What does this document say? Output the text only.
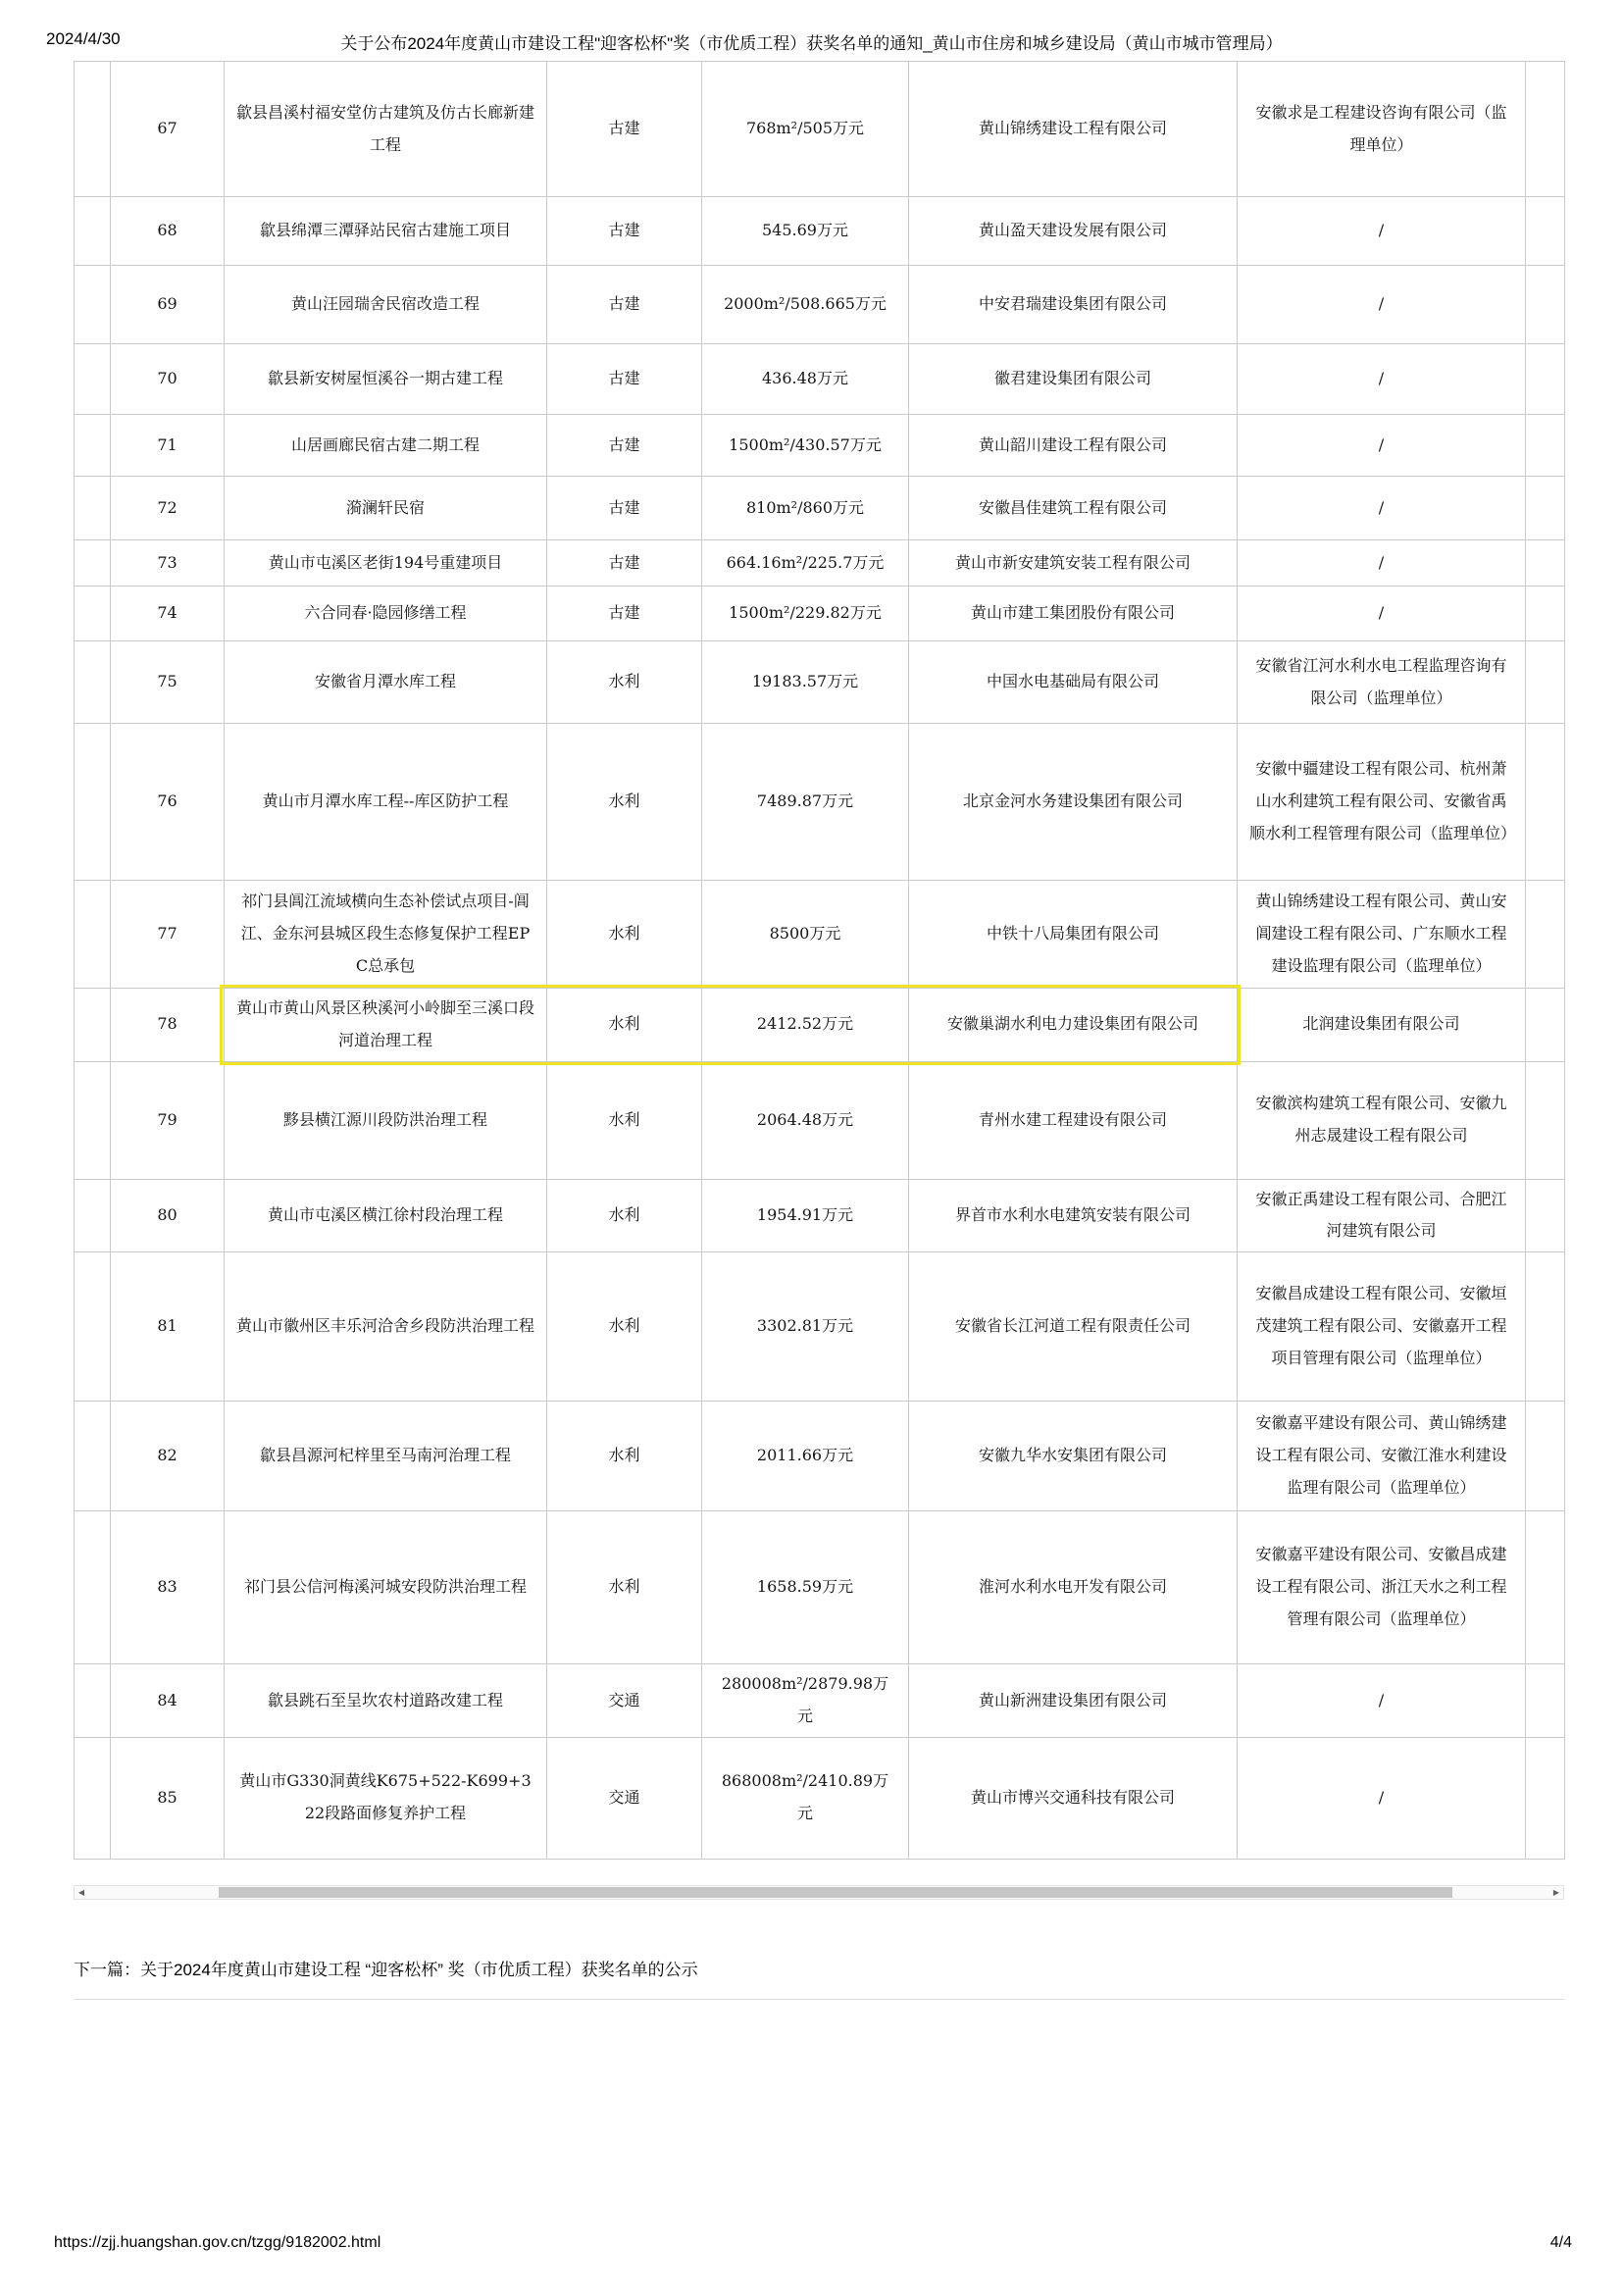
2024/4/30	关于公布2024年度黄山市建设工程"迎客松杯"奖（市优质工程）获奖名单的通知_黄山市住房和城乡建设局（黄山市城市管理局）
	67	歙县昌溪村福安堂仿古建筑及仿古长廊新建工程	古建	768m²/505万元	黄山锦绣建设工程有限公司	安徽求是工程建设咨询有限公司（监理单位）	
	68	歙县绵潭三潭驿站民宿古建施工项目	古建	545.69万元	黄山盈天建设发展有限公司	/	
	69	黄山汪园瑞舍民宿改造工程	古建	2000m²/508.665万元	中安君瑞建设集团有限公司	/	
	70	歙县新安树屋恒溪谷一期古建工程	古建	436.48万元	徽君建设集团有限公司	/	
	71	山居画廊民宿古建二期工程	古建	1500m²/430.57万元	黄山韶川建设工程有限公司	/	
	72	漪澜轩民宿	古建	810m²/860万元	安徽昌佳建筑工程有限公司	/	
	73	黄山市屯溪区老街194号重建项目	古建	664.16m²/225.7万元	黄山市新安建筑安装工程有限公司	/	
	74	六合同春·隐园修缮工程	古建	1500m²/229.82万元	黄山市建工集团股份有限公司	/	
	75	安徽省月潭水库工程	水利	19183.57万元	中国水电基础局有限公司	安徽省江河水利水电工程监理咨询有限公司（监理单位）	
	76	黄山市月潭水库工程--库区防护工程	水利	7489.87万元	北京金河水务建设集团有限公司	安徽中疆建设工程有限公司、杭州萧山水利建筑工程有限公司、安徽省禹顺水利工程管理有限公司（监理单位）	
	77	祁门县阊江流域横向生态补偿试点项目-阊江、金东河县城区段生态修复保护工程EPC总承包	水利	8500万元	中铁十八局集团有限公司	黄山锦绣建设工程有限公司、黄山安阊建设工程有限公司、广东顺水工程建设监理有限公司（监理单位）	
	78	黄山市黄山风景区秧溪河小岭脚至三溪口段河道治理工程	水利	2412.52万元	安徽巢湖水利电力建设集团有限公司	北润建设集团有限公司	
	79	黟县横江源川段防洪治理工程	水利	2064.48万元	青州水建工程建设有限公司	安徽滨构建筑工程有限公司、安徽九州志晟建设工程有限公司	
	80	黄山市屯溪区横江徐村段治理工程	水利	1954.91万元	界首市水利水电建筑安装有限公司	安徽正禹建设工程有限公司、合肥江河建筑有限公司	
	81	黄山市徽州区丰乐河洽舍乡段防洪治理工程	水利	3302.81万元	安徽省长江河道工程有限责任公司	安徽昌成建设工程有限公司、安徽垣茂建筑工程有限公司、安徽嘉开工程项目管理有限公司（监理单位）	
	82	歙县昌源河杞梓里至马南河治理工程	水利	2011.66万元	安徽九华水安集团有限公司	安徽嘉平建设有限公司、黄山锦绣建设工程有限公司、安徽江淮水利建设监理有限公司（监理单位）	
	83	祁门县公信河梅溪河城安段防洪治理工程	水利	1658.59万元	淮河水利水电开发有限公司	安徽嘉平建设有限公司、安徽昌成建设工程有限公司、浙江天水之利工程管理有限公司（监理单位）	
	84	歙县跳石至呈坎农村道路改建工程	交通	280008m²/2879.98万元	黄山新洲建设集团有限公司	/	
	85	黄山市G330洞黄线K675+522-K699+322段路面修复养护工程	交通	868008m²/2410.89万元	黄山市博兴交通科技有限公司	/	
◀	▶
下一篇：关于2024年度黄山市建设工程 “迎客松杯” 奖（市优质工程）获奖名单的公示
https://zjj.huangshan.gov.cn/tzgg/9182002.html	4/4
